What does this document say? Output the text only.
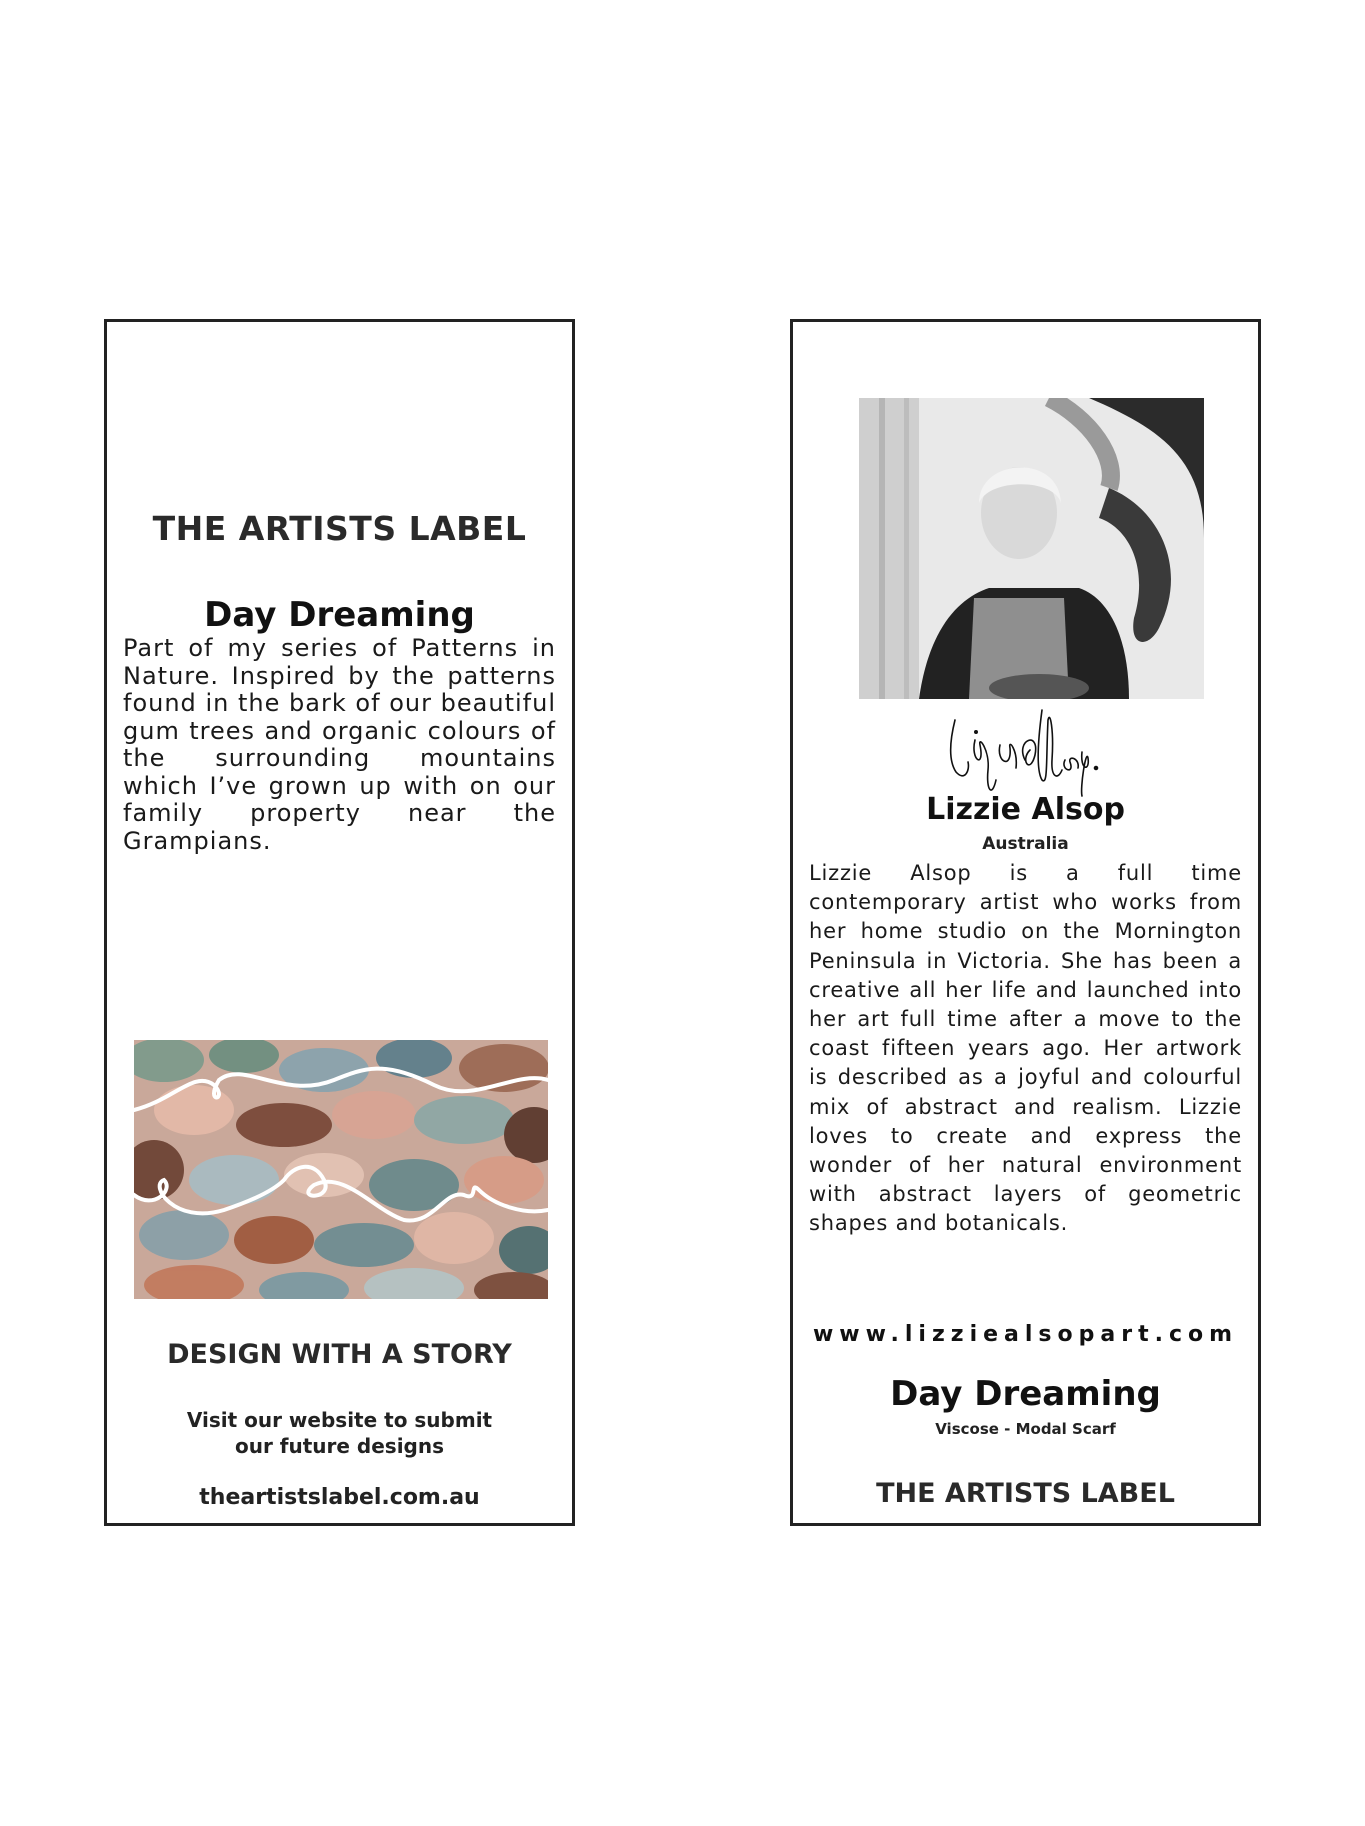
THE ARTISTS LABEL
Day Dreaming
Part of my series of Patterns in Nature. Inspired by the patterns found in the bark of our beautiful gum trees and organic colours of the surrounding mountains which I’ve grown up with on our family property near the Grampians.
DESIGN WITH A STORY
Visit our website to submit
our future designs
theartistslabel.com.au
Lizzie Alsop
Australia
Lizzie Alsop is a full time contemporary artist who works from her home studio on the Mornington Peninsula in Victoria. She has been a creative all her life and launched into her art full time after a move to the coast fifteen years ago. Her artwork is described as a joyful and colourful mix of abstract and realism. Lizzie loves to create and express the wonder of her natural environment with abstract layers of geometric shapes and botanicals.
www.lizziealsopart.com
Day Dreaming
Viscose - Modal Scarf
THE ARTISTS LABEL
